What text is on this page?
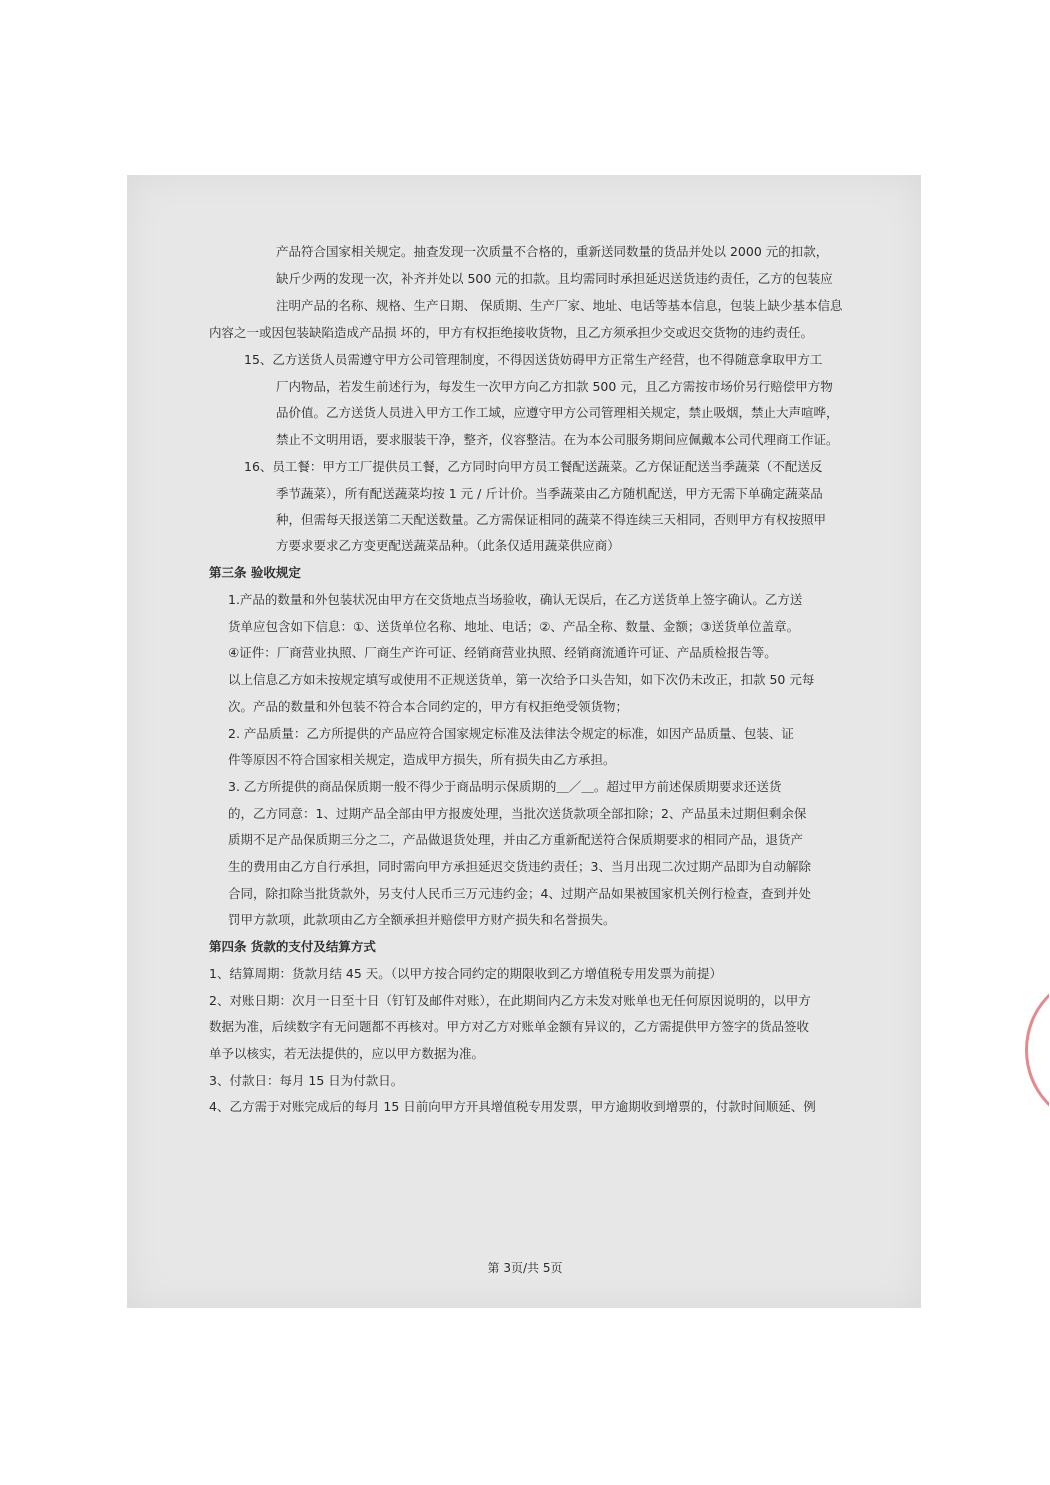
产品符合国家相关规定。抽查发现一次质量不合格的，重新送同数量的货品并处以 2000 元的扣款，
缺斤少两的发现一次，补齐并处以 500 元的扣款。且均需同时承担延迟送货违约责任，乙方的包装应
注明产品的名称、规格、生产日期、 保质期、生产厂家、地址、电话等基本信息，包装上缺少基本信息
内容之一或因包装缺陷造成产品损 坏的，甲方有权拒绝接收货物，且乙方须承担少交或迟交货物的违约责任。
15、乙方送货人员需遵守甲方公司管理制度，不得因送货妨碍甲方正常生产经营，也不得随意拿取甲方工
厂内物品，若发生前述行为，每发生一次甲方向乙方扣款 500 元，且乙方需按市场价另行赔偿甲方物
品价值。乙方送货人员进入甲方工作工域，应遵守甲方公司管理相关规定，禁止吸烟，禁止大声喧哗，
禁止不文明用语，要求服装干净，整齐，仪容整洁。在为本公司服务期间应佩戴本公司代理商工作证。
16、员工餐：甲方工厂提供员工餐，乙方同时向甲方员工餐配送蔬菜。乙方保证配送当季蔬菜（不配送反
季节蔬菜），所有配送蔬菜均按 1 元 / 斤计价。当季蔬菜由乙方随机配送，甲方无需下单确定蔬菜品
种，但需每天报送第二天配送数量。乙方需保证相同的蔬菜不得连续三天相同，否则甲方有权按照甲
方要求要求乙方变更配送蔬菜品种。（此条仅适用蔬菜供应商）
第三条 验收规定
1.产品的数量和外包装状况由甲方在交货地点当场验收，确认无误后，在乙方送货单上签字确认。乙方送
货单应包含如下信息：①、送货单位名称、地址、电话；②、产品全称、数量、金额；③送货单位盖章。
④证件：厂商营业执照、厂商生产许可证、经销商营业执照、经销商流通许可证、产品质检报告等。
以上信息乙方如未按规定填写或使用不正规送货单，第一次给予口头告知，如下次仍未改正，扣款 50 元每
次。产品的数量和外包装不符合本合同约定的，甲方有权拒绝受领货物；
2. 产品质量：乙方所提供的产品应符合国家规定标准及法律法令规定的标准，如因产品质量、包装、证
件等原因不符合国家相关规定，造成甲方损失，所有损失由乙方承担。
3. 乙方所提供的商品保质期一般不得少于商品明示保质期的＿／＿。超过甲方前述保质期要求还送货
的，乙方同意：1、过期产品全部由甲方报废处理，当批次送货款项全部扣除；2、产品虽未过期但剩余保
质期不足产品保质期三分之二，产品做退货处理，并由乙方重新配送符合保质期要求的相同产品，退货产
生的费用由乙方自行承担，同时需向甲方承担延迟交货违约责任；3、当月出现二次过期产品即为自动解除
合同，除扣除当批货款外，另支付人民币三万元违约金；4、过期产品如果被国家机关例行检查，查到并处
罚甲方款项，此款项由乙方全额承担并赔偿甲方财产损失和名誉损失。
第四条 货款的支付及结算方式
1、结算周期：货款月结 45 天。（以甲方按合同约定的期限收到乙方增值税专用发票为前提）
2、对账日期：次月一日至十日（钉钉及邮件对账），在此期间内乙方未发对账单也无任何原因说明的，以甲方
数据为准，后续数字有无问题都不再核对。甲方对乙方对账单金额有异议的，乙方需提供甲方签字的货品签收
单予以核实，若无法提供的，应以甲方数据为准。
3、付款日：每月 15 日为付款日。
4、乙方需于对账完成后的每月 15 日前向甲方开具增值税专用发票，甲方逾期收到增票的，付款时间顺延、例
第 3页/共 5页
